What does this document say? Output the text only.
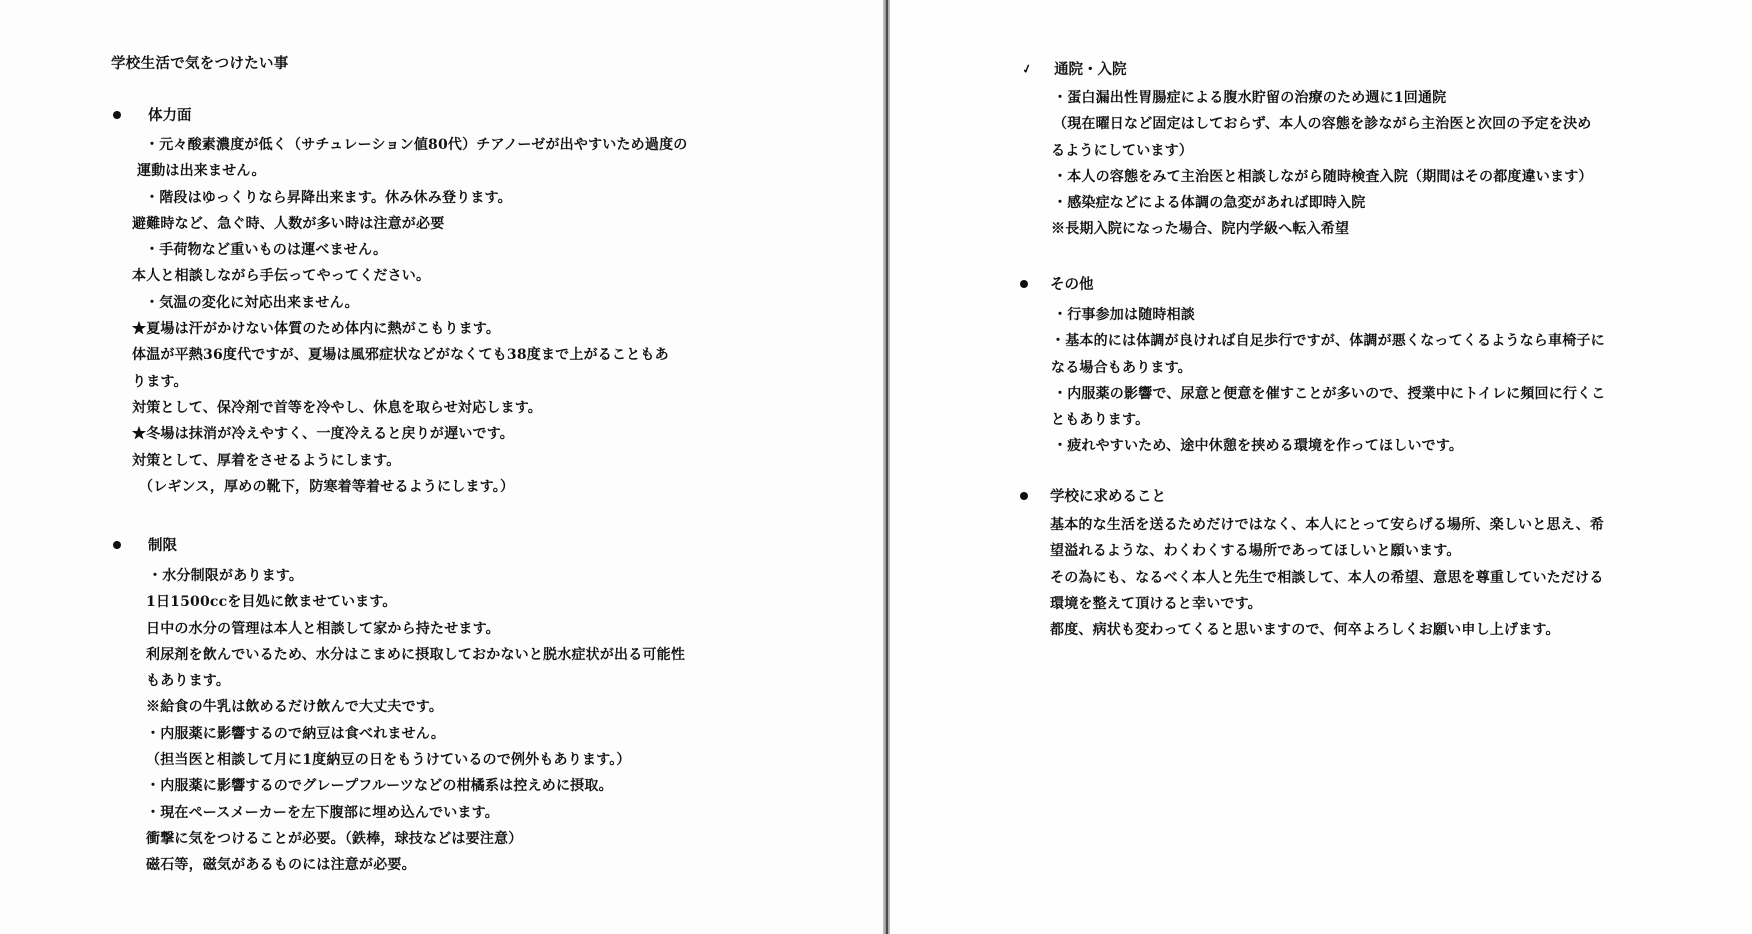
学校生活で気をつけたい事
体力面
・元々酸素濃度が低く（サチュレーション値80代）チアノーゼが出やすいため過度の
運動は出来ません。
・階段はゆっくりなら昇降出来ます。休み休み登ります。
避難時など、急ぐ時、人数が多い時は注意が必要
・手荷物など重いものは運べません。
本人と相談しながら手伝ってやってください。
・気温の変化に対応出来ません。
★夏場は汗がかけない体質のため体内に熱がこもります。
体温が平熱36度代ですが、夏場は風邪症状などがなくても38度まで上がることもあ
ります。
対策として、保冷剤で首等を冷やし、休息を取らせ対応します。
★冬場は抹消が冷えやすく、一度冷えると戻りが遅いです。
対策として、厚着をさせるようにします。
（レギンス，厚めの靴下，防寒着等着せるようにします。）
制限
・水分制限があります。
1日1500ccを目処に飲ませています。
日中の水分の管理は本人と相談して家から持たせます。
利尿剤を飲んでいるため、水分はこまめに摂取しておかないと脱水症状が出る可能性
もあります。
※給食の牛乳は飲めるだけ飲んで大丈夫です。
・内服薬に影響するので納豆は食べれません。
（担当医と相談して月に1度納豆の日をもうけているので例外もあります。）
・内服薬に影響するのでグレープフルーツなどの柑橘系は控えめに摂取。
・現在ペースメーカーを左下腹部に埋め込んでいます。
衝撃に気をつけることが必要。（鉄棒，球技などは要注意）
磁石等，磁気があるものには注意が必要。
✓ 通院・入院
・蛋白漏出性胃腸症による腹水貯留の治療のため週に1回通院
（現在曜日など固定はしておらず、本人の容態を診ながら主治医と次回の予定を決め
るようにしています）
・本人の容態をみて主治医と相談しながら随時検査入院（期間はその都度違います）
・感染症などによる体調の急変があれば即時入院
※長期入院になった場合、院内学級へ転入希望
その他
・行事参加は随時相談
・基本的には体調が良ければ自足歩行ですが、体調が悪くなってくるようなら車椅子に
なる場合もあります。
・内服薬の影響で、尿意と便意を催すことが多いので、授業中にトイレに頻回に行くこ
ともあります。
・疲れやすいため、途中休憩を挟める環境を作ってほしいです。
学校に求めること
基本的な生活を送るためだけではなく、本人にとって安らげる場所、楽しいと思え、希
望溢れるような、わくわくする場所であってほしいと願います。
その為にも、なるべく本人と先生で相談して、本人の希望、意思を尊重していただける
環境を整えて頂けると幸いです。
都度、病状も変わってくると思いますので、何卒よろしくお願い申し上げます。
